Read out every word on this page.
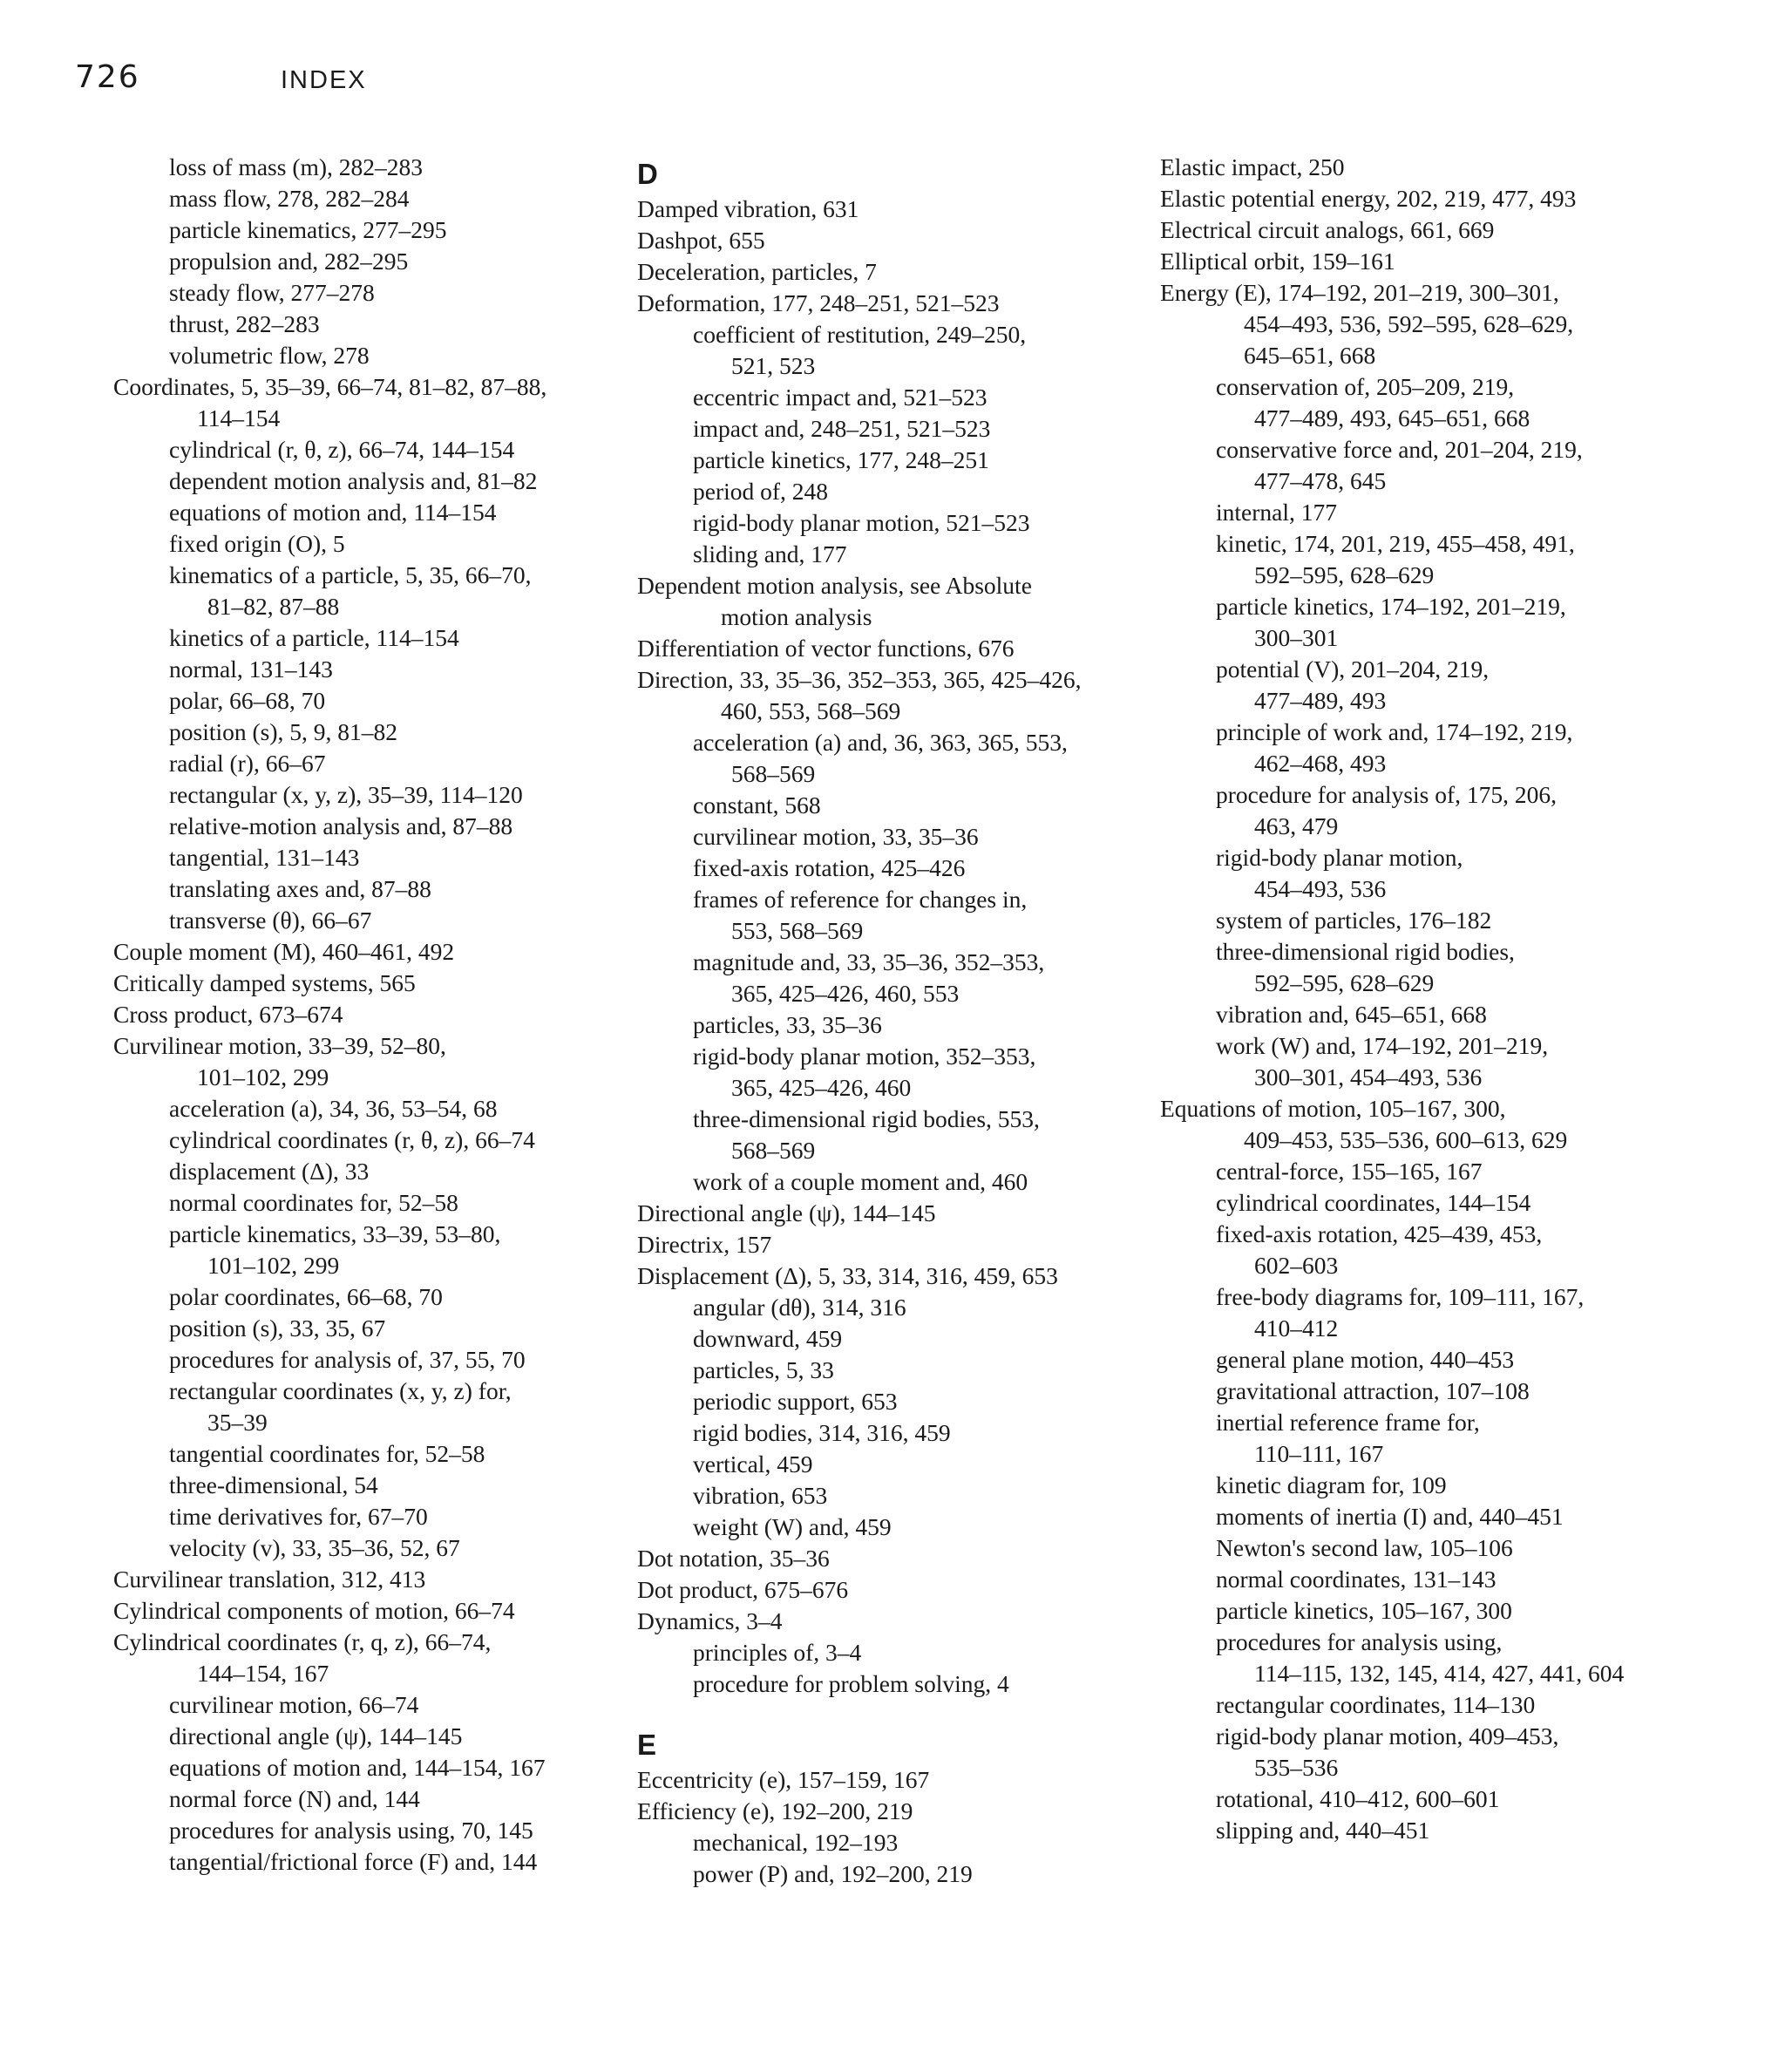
726	INDEX
loss of mass (m), 282–283
mass flow, 278, 282–284
particle kinematics, 277–295
propulsion and, 282–295
steady flow, 277–278
thrust, 282–283
volumetric flow, 278
Coordinates, 5, 35–39, 66–74, 81–82, 87–88,
114–154
cylindrical (r, θ, z), 66–74, 144–154
dependent motion analysis and, 81–82
equations of motion and, 114–154
fixed origin (O), 5
kinematics of a particle, 5, 35, 66–70,
81–82, 87–88
kinetics of a particle, 114–154
normal, 131–143
polar, 66–68, 70
position (s), 5, 9, 81–82
radial (r), 66–67
rectangular (x, y, z), 35–39, 114–120
relative-motion analysis and, 87–88
tangential, 131–143
translating axes and, 87–88
transverse (θ), 66–67
Couple moment (M), 460–461, 492
Critically damped systems, 565
Cross product, 673–674
Curvilinear motion, 33–39, 52–80,
101–102, 299
acceleration (a), 34, 36, 53–54, 68
cylindrical coordinates (r, θ, z), 66–74
displacement (Δ), 33
normal coordinates for, 52–58
particle kinematics, 33–39, 53–80,
101–102, 299
polar coordinates, 66–68, 70
position (s), 33, 35, 67
procedures for analysis of, 37, 55, 70
rectangular coordinates (x, y, z) for,
35–39
tangential coordinates for, 52–58
three-dimensional, 54
time derivatives for, 67–70
velocity (v), 33, 35–36, 52, 67
Curvilinear translation, 312, 413
Cylindrical components of motion, 66–74
Cylindrical coordinates (r, q, z), 66–74,
144–154, 167
curvilinear motion, 66–74
directional angle (ψ), 144–145
equations of motion and, 144–154, 167
normal force (N) and, 144
procedures for analysis using, 70, 145
tangential/frictional force (F) and, 144
D
Damped vibration, 631
Dashpot, 655
Deceleration, particles, 7
Deformation, 177, 248–251, 521–523
coefficient of restitution, 249–250,
521, 523
eccentric impact and, 521–523
impact and, 248–251, 521–523
particle kinetics, 177, 248–251
period of, 248
rigid-body planar motion, 521–523
sliding and, 177
Dependent motion analysis, see Absolute
motion analysis
Differentiation of vector functions, 676
Direction, 33, 35–36, 352–353, 365, 425–426,
460, 553, 568–569
acceleration (a) and, 36, 363, 365, 553,
568–569
constant, 568
curvilinear motion, 33, 35–36
fixed-axis rotation, 425–426
frames of reference for changes in,
553, 568–569
magnitude and, 33, 35–36, 352–353,
365, 425–426, 460, 553
particles, 33, 35–36
rigid-body planar motion, 352–353,
365, 425–426, 460
three-dimensional rigid bodies, 553,
568–569
work of a couple moment and, 460
Directional angle (ψ), 144–145
Directrix, 157
Displacement (Δ), 5, 33, 314, 316, 459, 653
angular (dθ), 314, 316
downward, 459
particles, 5, 33
periodic support, 653
rigid bodies, 314, 316, 459
vertical, 459
vibration, 653
weight (W) and, 459
Dot notation, 35–36
Dot product, 675–676
Dynamics, 3–4
principles of, 3–4
procedure for problem solving, 4
E
Eccentricity (e), 157–159, 167
Efficiency (e), 192–200, 219
mechanical, 192–193
power (P) and, 192–200, 219
Elastic impact, 250
Elastic potential energy, 202, 219, 477, 493
Electrical circuit analogs, 661, 669
Elliptical orbit, 159–161
Energy (E), 174–192, 201–219, 300–301,
454–493, 536, 592–595, 628–629,
645–651, 668
conservation of, 205–209, 219,
477–489, 493, 645–651, 668
conservative force and, 201–204, 219,
477–478, 645
internal, 177
kinetic, 174, 201, 219, 455–458, 491,
592–595, 628–629
particle kinetics, 174–192, 201–219,
300–301
potential (V), 201–204, 219,
477–489, 493
principle of work and, 174–192, 219,
462–468, 493
procedure for analysis of, 175, 206,
463, 479
rigid-body planar motion,
454–493, 536
system of particles, 176–182
three-dimensional rigid bodies,
592–595, 628–629
vibration and, 645–651, 668
work (W) and, 174–192, 201–219,
300–301, 454–493, 536
Equations of motion, 105–167, 300,
409–453, 535–536, 600–613, 629
central-force, 155–165, 167
cylindrical coordinates, 144–154
fixed-axis rotation, 425–439, 453,
602–603
free-body diagrams for, 109–111, 167,
410–412
general plane motion, 440–453
gravitational attraction, 107–108
inertial reference frame for,
110–111, 167
kinetic diagram for, 109
moments of inertia (I) and, 440–451
Newton's second law, 105–106
normal coordinates, 131–143
particle kinetics, 105–167, 300
procedures for analysis using,
114–115, 132, 145, 414, 427, 441, 604
rectangular coordinates, 114–130
rigid-body planar motion, 409–453,
535–536
rotational, 410–412, 600–601
slipping and, 440–451
